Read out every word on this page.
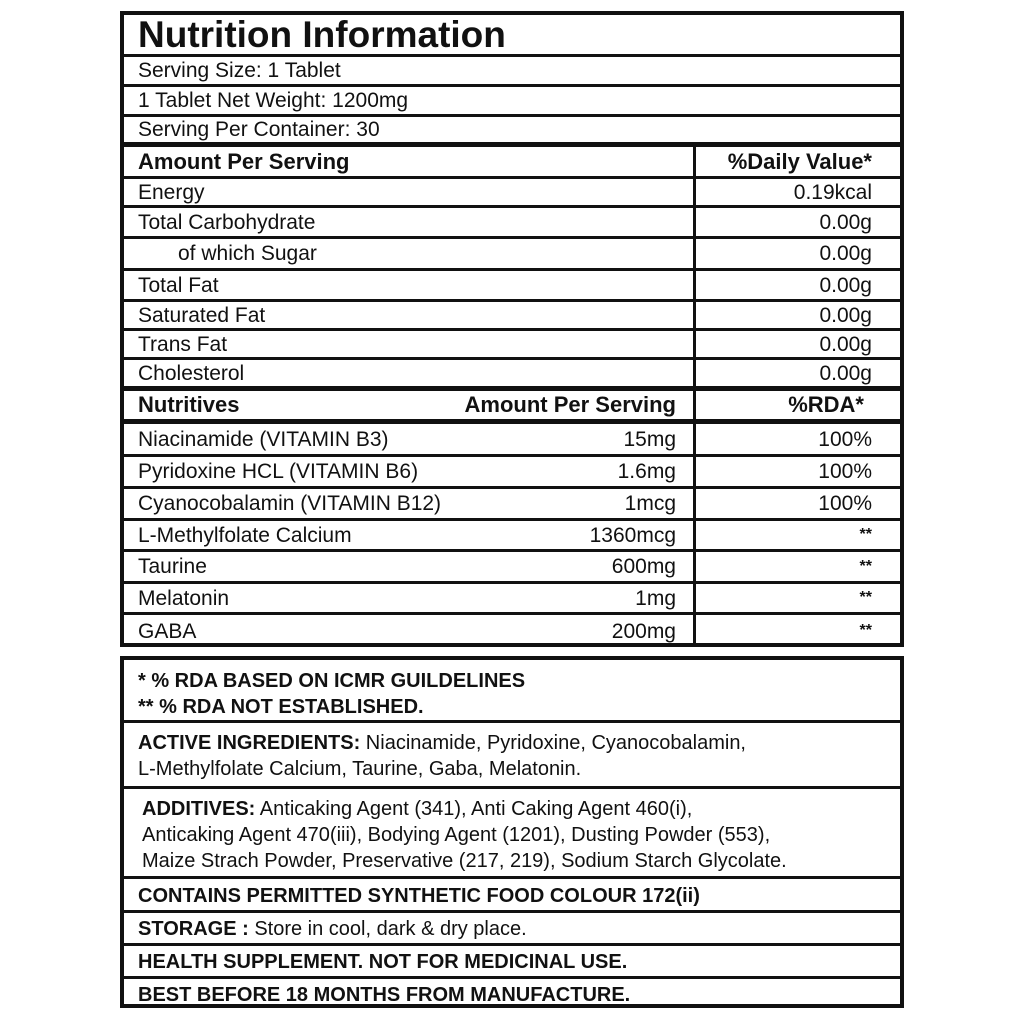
Nutrition Information
Serving Size: 1 Tablet
1 Tablet Net Weight: 1200mg
Serving Per Container: 30
Amount Per Serving	%Daily Value*
Energy	0.19kcal
Total Carbohydrate	0.00g
of which Sugar	0.00g
Total Fat	0.00g
Saturated Fat	0.00g
Trans Fat	0.00g
Cholesterol	0.00g
Nutritives	Amount Per Serving	%RDA*
Niacinamide (VITAMIN B3)	15mg	100%
Pyridoxine HCL (VITAMIN B6)	1.6mg	100%
Cyanocobalamin (VITAMIN B12)	1mcg	100%
L-Methylfolate Calcium	1360mcg	**
Taurine	600mg	**
Melatonin	1mg	**
GABA	200mg	**
* % RDA BASED ON ICMR GUILDELINES
** % RDA NOT ESTABLISHED.
ACTIVE INGREDIENTS: Niacinamide, Pyridoxine, Cyanocobalamin,
L-Methylfolate Calcium, Taurine, Gaba, Melatonin.
ADDITIVES: Anticaking Agent (341), Anti Caking Agent 460(i),
Anticaking Agent 470(iii), Bodying Agent (1201), Dusting Powder (553),
Maize Strach Powder, Preservative (217, 219), Sodium Starch Glycolate.
CONTAINS PERMITTED SYNTHETIC FOOD COLOUR 172(ii)
STORAGE : Store in cool, dark & dry place.
HEALTH SUPPLEMENT. NOT FOR MEDICINAL USE.
BEST BEFORE 18 MONTHS FROM MANUFACTURE.
